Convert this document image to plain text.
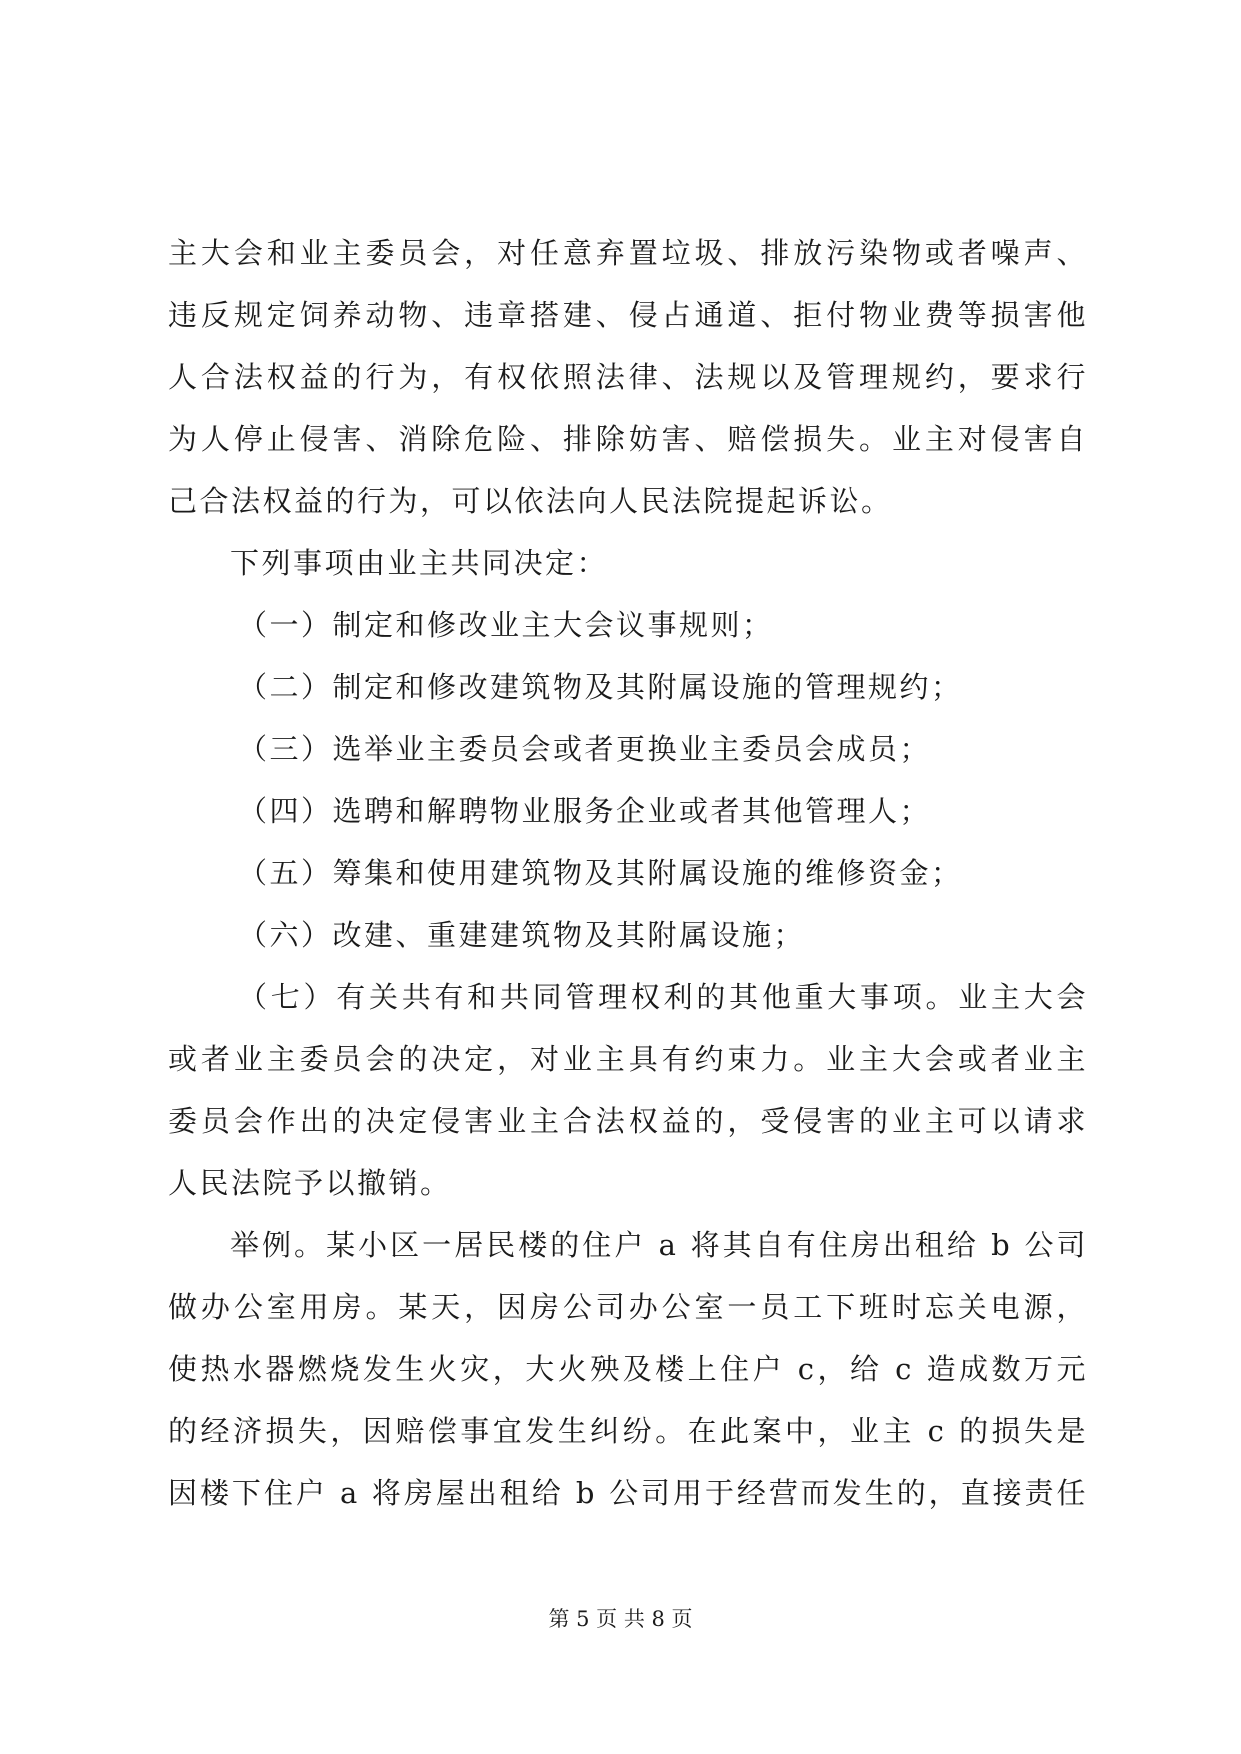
主大会和业主委员会，对任意弃置垃圾、排放污染物或者噪声、
违反规定饲养动物、违章搭建、侵占通道、拒付物业费等损害他
人合法权益的行为，有权依照法律、法规以及管理规约，要求行
为人停止侵害、消除危险、排除妨害、赔偿损失。业主对侵害自
己合法权益的行为，可以依法向人民法院提起诉讼。
下列事项由业主共同决定：
（一）制定和修改业主大会议事规则；
（二）制定和修改建筑物及其附属设施的管理规约；
（三）选举业主委员会或者更换业主委员会成员；
（四）选聘和解聘物业服务企业或者其他管理人；
（五）筹集和使用建筑物及其附属设施的维修资金；
（六）改建、重建建筑物及其附属设施；
（七）有关共有和共同管理权利的其他重大事项。业主大会
或者业主委员会的决定，对业主具有约束力。业主大会或者业主
委员会作出的决定侵害业主合法权益的，受侵害的业主可以请求
人民法院予以撤销。
举例。某小区一居民楼的住户 a 将其自有住房出租给 b 公司
做办公室用房。某天，因房公司办公室一员工下班时忘关电源，
使热水器燃烧发生火灾，大火殃及楼上住户 c，给 c 造成数万元
的经济损失，因赔偿事宜发生纠纷。在此案中，业主 c 的损失是
因楼下住户 a 将房屋出租给 b 公司用于经营而发生的，直接责任
第 5 页 共 8 页
